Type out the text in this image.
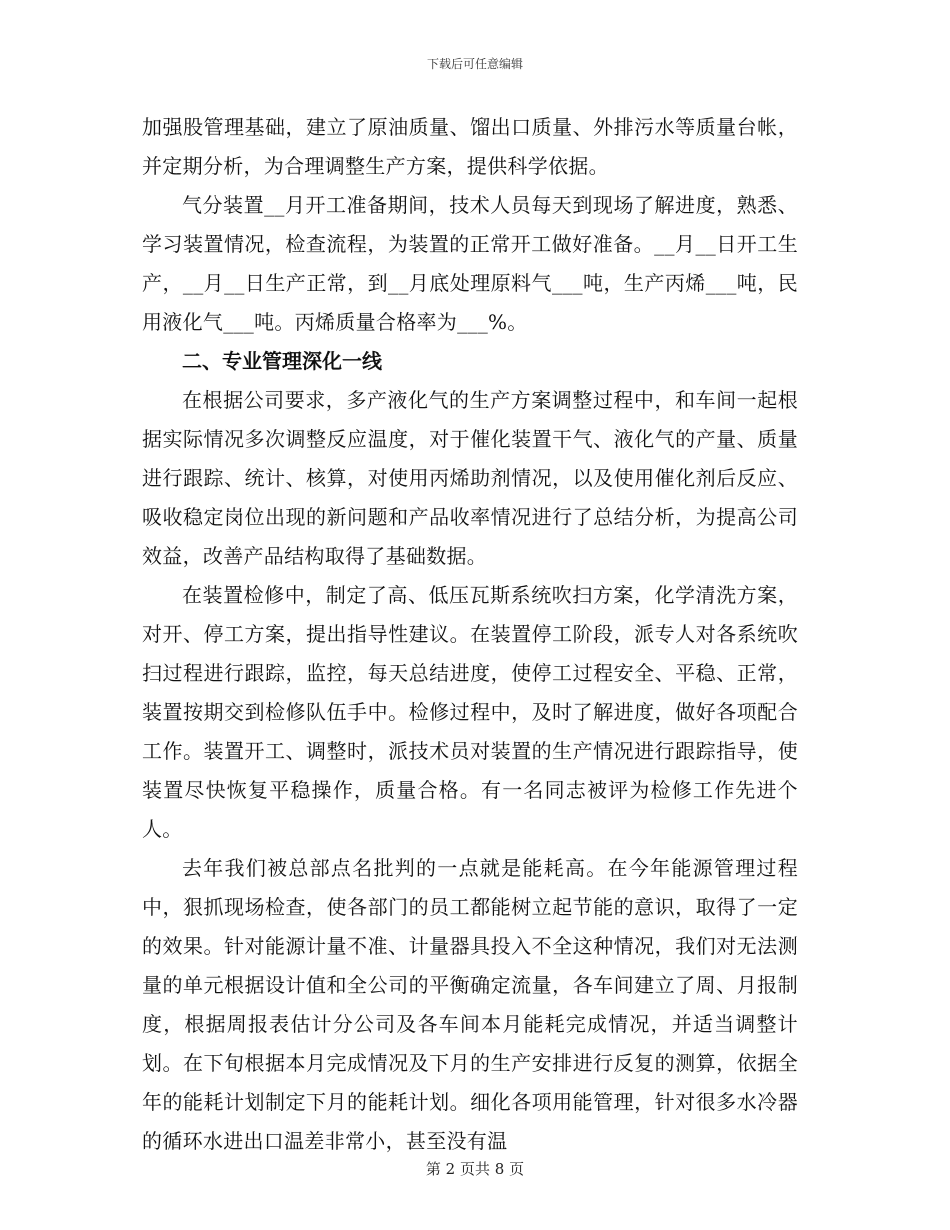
下载后可任意编辑

加强股管理基础，建立了原油质量、馏出口质量、外排污水等质量台帐，并定期分析，为合理调整生产方案，提供科学依据。

气分装置__月开工准备期间，技术人员每天到现场了解进度，熟悉、学习装置情况，检查流程，为装置的正常开工做好准备。__月__日开工生产，__月__日生产正常，到__月底处理原料气___吨，生产丙烯___吨，民用液化气___吨。丙烯质量合格率为___%。

二、专业管理深化一线

在根据公司要求，多产液化气的生产方案调整过程中，和车间一起根据实际情况多次调整反应温度，对于催化装置干气、液化气的产量、质量进行跟踪、统计、核算，对使用丙烯助剂情况，以及使用催化剂后反应、吸收稳定岗位出现的新问题和产品收率情况进行了总结分析，为提高公司效益，改善产品结构取得了基础数据。

在装置检修中，制定了高、低压瓦斯系统吹扫方案，化学清洗方案，对开、停工方案，提出指导性建议。在装置停工阶段，派专人对各系统吹扫过程进行跟踪，监控，每天总结进度，使停工过程安全、平稳、正常，装置按期交到检修队伍手中。检修过程中，及时了解进度，做好各项配合工作。装置开工、调整时，派技术员对装置的生产情况进行跟踪指导，使装置尽快恢复平稳操作，质量合格。有一名同志被评为检修工作先进个人。

去年我们被总部点名批判的一点就是能耗高。在今年能源管理过程中，狠抓现场检查，使各部门的员工都能树立起节能的意识，取得了一定的效果。针对能源计量不准、计量器具投入不全这种情况，我们对无法测量的单元根据设计值和全公司的平衡确定流量，各车间建立了周、月报制度，根据周报表估计分公司及各车间本月能耗完成情况，并适当调整计划。在下旬根据本月完成情况及下月的生产安排进行反复的测算，依据全年的能耗计划制定下月的能耗计划。细化各项用能管理，针对很多水冷器的循环水进出口温差非常小，甚至没有温

第 2 页共 8 页
